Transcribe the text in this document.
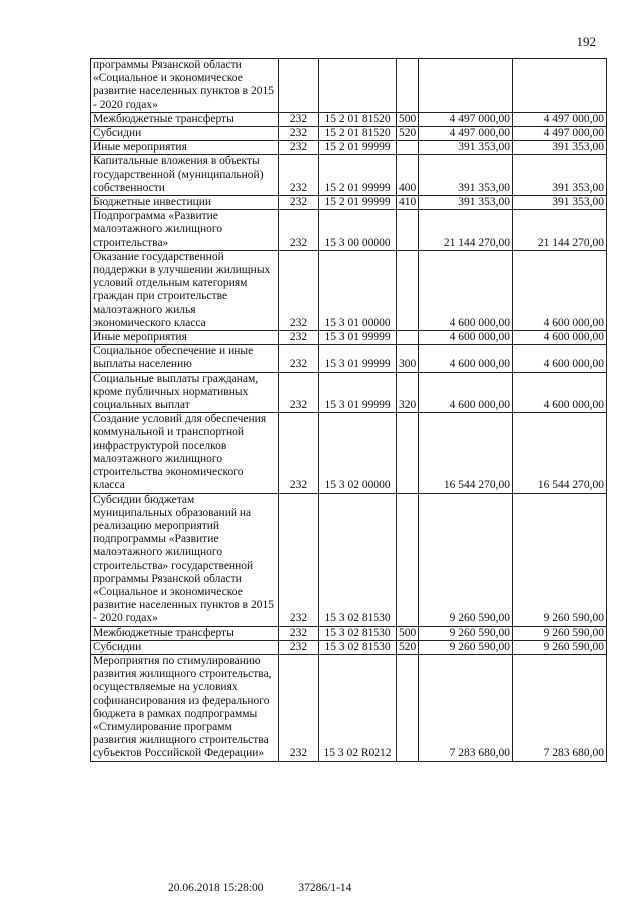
192
программы Рязанской области «Социальное и экономическое развитие населенных пунктов в 2015 - 2020 годах»					
Межбюджетные трансферты	232	15 2 01 81520	500	4 497 000,00	4 497 000,00
Субсидии	232	15 2 01 81520	520	4 497 000,00	4 497 000,00
Иные мероприятия	232	15 2 01 99999		391 353,00	391 353,00
Капитальные вложения в объекты государственной (муниципальной) собственности	232	15 2 01 99999	400	391 353,00	391 353,00
Бюджетные инвестиции	232	15 2 01 99999	410	391 353,00	391 353,00
Подпрограмма «Развитие малоэтажного жилищного строительства»	232	15 3 00 00000		21 144 270,00	21 144 270,00
Оказание государственной поддержки в улучшении жилищных условий отдельным категориям граждан при строительстве малоэтажного жилья экономического класса	232	15 3 01 00000		4 600 000,00	4 600 000,00
Иные мероприятия	232	15 3 01 99999		4 600 000,00	4 600 000,00
Социальное обеспечение и иные выплаты населению	232	15 3 01 99999	300	4 600 000,00	4 600 000,00
Социальные выплаты гражданам, кроме публичных нормативных социальных выплат	232	15 3 01 99999	320	4 600 000,00	4 600 000,00
Создание условий для обеспечения коммунальной и транспортной инфраструктурой поселков малоэтажного жилищного строительства экономического класса	232	15 3 02 00000		16 544 270,00	16 544 270,00
Субсидии бюджетам муниципальных образований на реализацию мероприятий подпрограммы «Развитие малоэтажного жилищного строительства» государственной программы Рязанской области «Социальное и экономическое развитие населенных пунктов в 2015 - 2020 годах»	232	15 3 02 81530		9 260 590,00	9 260 590,00
Межбюджетные трансферты	232	15 3 02 81530	500	9 260 590,00	9 260 590,00
Субсидии	232	15 3 02 81530	520	9 260 590,00	9 260 590,00
Мероприятия по стимулированию развития жилищного строительства, осуществляемые на условиях софинансирования из федерального бюджета в рамках подпрограммы «Стимулирование программ развития жилищного строительства субъектов Российской Федерации»	232	15 3 02 R0212		7 283 680,00	7 283 680,00
20.06.2018 15:28:00	37286/1-14
